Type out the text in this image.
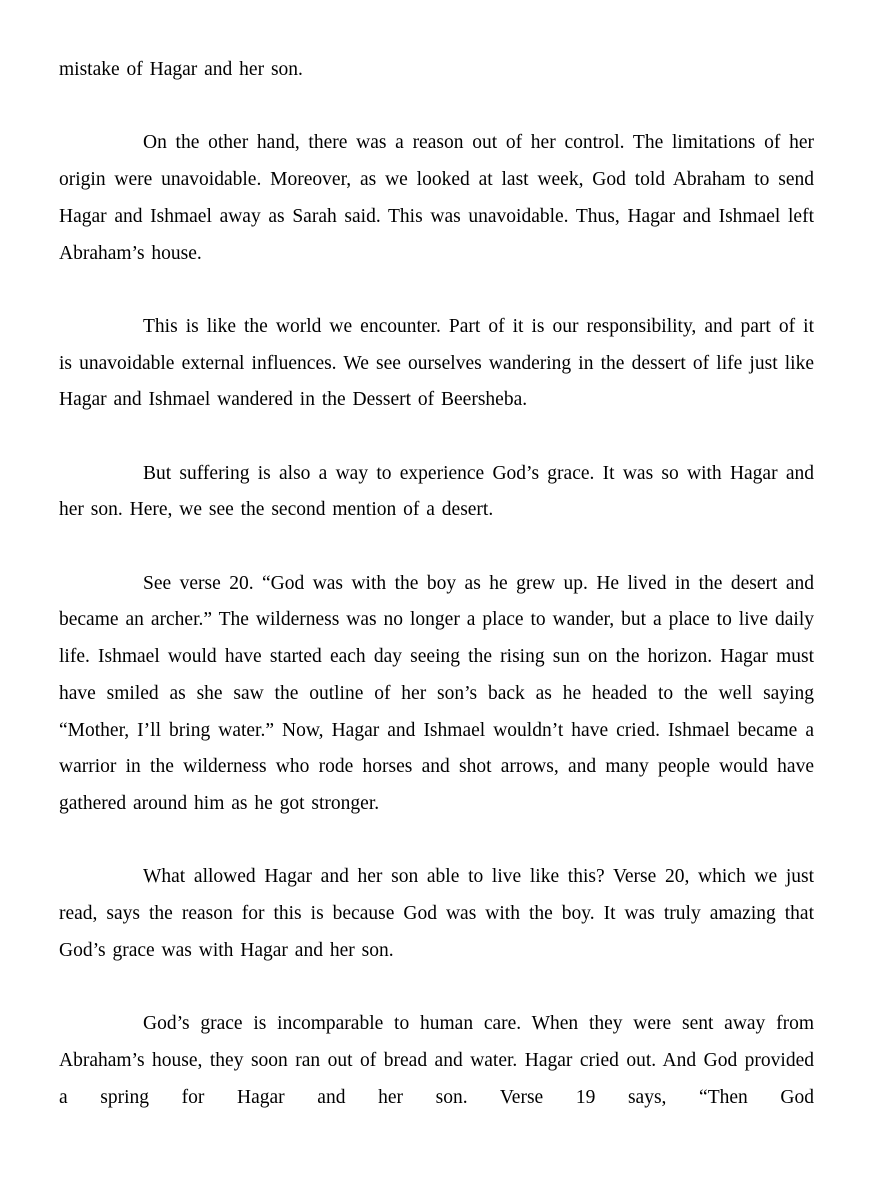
mistake of Hagar and her son.

On the other hand, there was a reason out of her control. The limitations of her origin were unavoidable. Moreover, as we looked at last week, God told Abraham to send Hagar and Ishmael away as Sarah said. This was unavoidable. Thus, Hagar and Ishmael left Abraham’s house.

This is like the world we encounter. Part of it is our responsibility, and part of it is unavoidable external influences. We see ourselves wandering in the dessert of life just like Hagar and Ishmael wandered in the Dessert of Beersheba.

But suffering is also a way to experience God’s grace. It was so with Hagar and her son. Here, we see the second mention of a desert.

See verse 20. “God was with the boy as he grew up. He lived in the desert and became an archer.” The wilderness was no longer a place to wander, but a place to live daily life. Ishmael would have started each day seeing the rising sun on the horizon. Hagar must have smiled as she saw the outline of her son’s back as he headed to the well saying “Mother, I’ll bring water.” Now, Hagar and Ishmael wouldn’t have cried. Ishmael became a warrior in the wilderness who rode horses and shot arrows, and many people would have gathered around him as he got stronger.

What allowed Hagar and her son able to live like this? Verse 20, which we just read, says the reason for this is because God was with the boy. It was truly amazing that God’s grace was with Hagar and her son.

God’s grace is incomparable to human care. When they were sent away from Abraham’s house, they soon ran out of bread and water. Hagar cried out. And God provided a spring for Hagar and her son. Verse 19 says, “Then God
